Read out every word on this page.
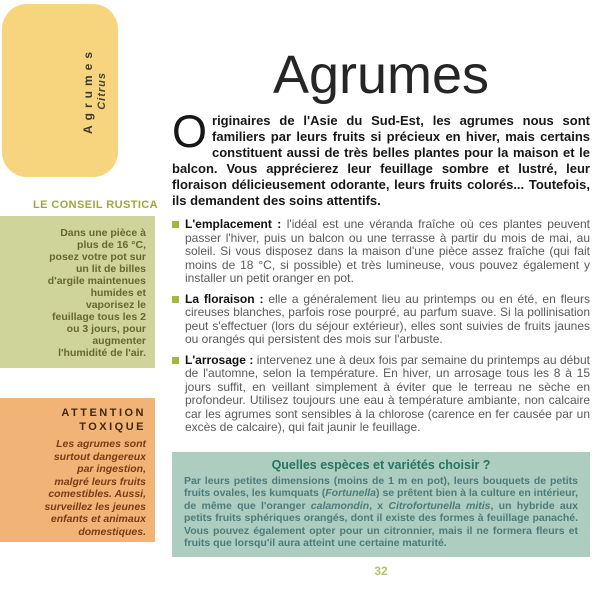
Agrumes Citrus
LE CONSEIL RUSTICA

Dans une pièce à plus de 16 °C, posez votre pot sur un lit de billes d'argile maintenues humides et vaporisez le feuillage tous les 2 ou 3 jours, pour augmenter l'humidité de l'air.

ATTENTION
TOXIQUE

Les agrumes sont surtout dangereux par ingestion, malgré leurs fruits comestibles. Aussi, surveillez les jeunes enfants et animaux domestiques.

Agrumes

Originaires de l'Asie du Sud-Est, les agrumes nous sont familiers par leurs fruits si précieux en hiver, mais certains constituent aussi de très belles plantes pour la maison et le balcon. Vous apprécierez leur feuillage sombre et lustré, leur floraison délicieusement odorante, leurs fruits colorés... Toutefois, ils demandent des soins attentifs.

L'emplacement : l'idéal est une véranda fraîche où ces plantes peuvent passer l'hiver, puis un balcon ou une terrasse à partir du mois de mai, au soleil. Si vous disposez dans la maison d'une pièce assez fraîche (qui fait moins de 18 °C, si possible) et très lumineuse, vous pouvez également y installer un petit oranger en pot.
La floraison : elle a généralement lieu au printemps ou en été, en fleurs cireuses blanches, parfois rose pourpré, au parfum suave. Si la pollinisation peut s'effectuer (lors du séjour extérieur), elles sont suivies de fruits jaunes ou orangés qui persistent des mois sur l'arbuste.
L'arrosage : intervenez une à deux fois par semaine du printemps au début de l'automne, selon la température. En hiver, un arrosage tous les 8 à 15 jours suffit, en veillant simplement à éviter que le terreau ne sèche en profondeur. Utilisez toujours une eau à température ambiante, non calcaire car les agrumes sont sensibles à la chlorose (carence en fer causée par un excès de calcaire), qui fait jaunir le feuillage.

Quelles espèces et variétés choisir ?

Par leurs petites dimensions (moins de 1 m en pot), leurs bouquets de petits fruits ovales, les kumquats (Fortunella) se prêtent bien à la culture en intérieur, de même que l'oranger calamondin, x Citrofortunella mitis, un hybride aux petits fruits sphériques orangés, dont il existe des formes à feuillage panaché. Vous pouvez également opter pour un citronnier, mais il ne formera fleurs et fruits que lorsqu'il aura atteint une certaine maturité.

32
